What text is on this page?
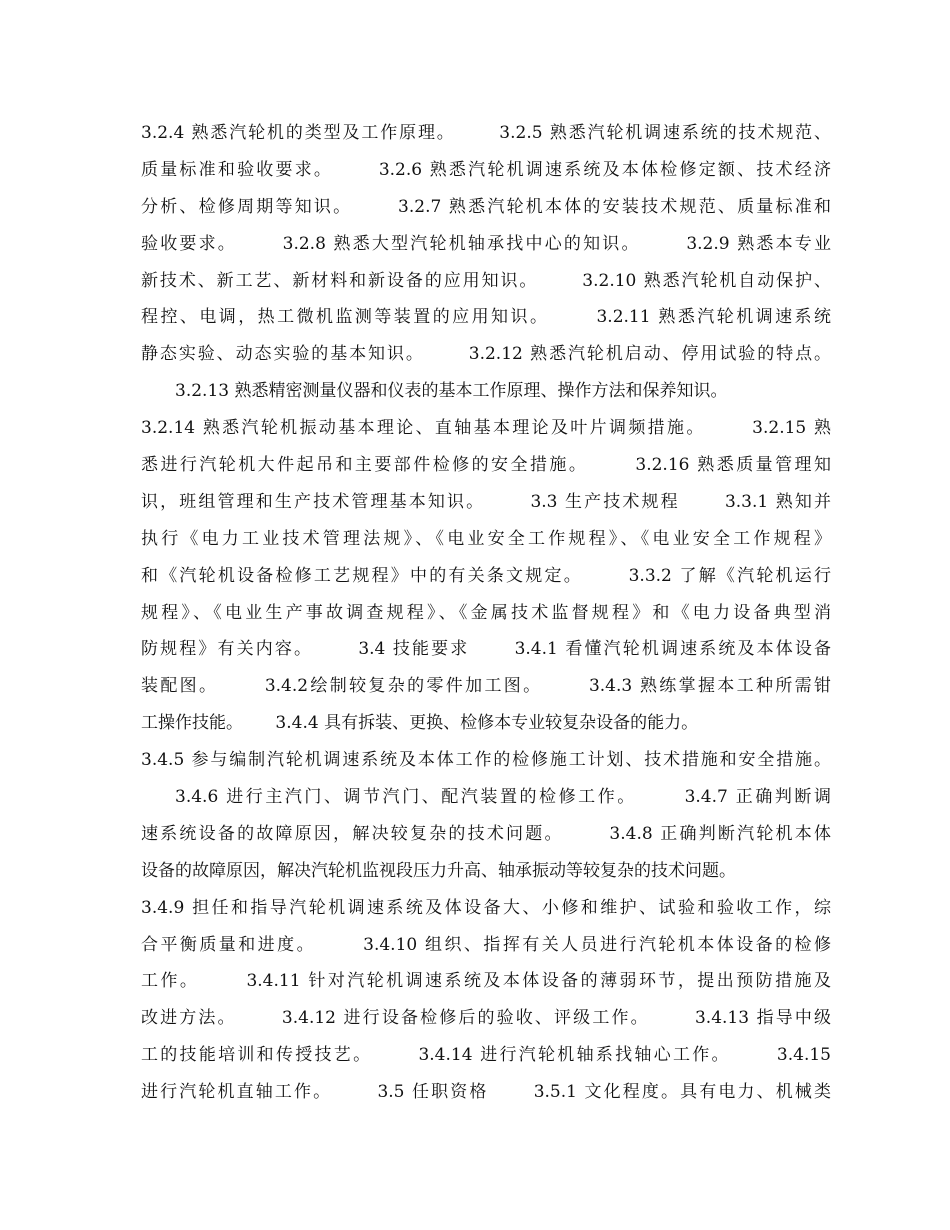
3.2.4 熟悉汽轮机的类型及工作原理。      3.2.5 熟悉汽轮机调速系统的技术规范、
质量标准和验收要求。      3.2.6 熟悉汽轮机调速系统及本体检修定额、技术经济
分析、检修周期等知识。      3.2.7 熟悉汽轮机本体的安装技术规范、质量标准和
验收要求。      3.2.8 熟悉大型汽轮机轴承找中心的知识。      3.2.9 熟悉本专业
新技术、新工艺、新材料和新设备的应用知识。      3.2.10 熟悉汽轮机自动保护、
程控、电调，热工微机监测等装置的应用知识。      3.2.11 熟悉汽轮机调速系统
静态实验、动态实验的基本知识。      3.2.12 熟悉汽轮机启动、停用试验的特点。
3.2.13 熟悉精密测量仪器和仪表的基本工作原理、操作方法和保养知识。
3.2.14 熟悉汽轮机振动基本理论、直轴基本理论及叶片调频措施。      3.2.15 熟
悉进行汽轮机大件起吊和主要部件检修的安全措施。      3.2.16 熟悉质量管理知
识，班组管理和生产技术管理基本知识。      3.3 生产技术规程      3.3.1 熟知并
执行《电力工业技术管理法规》、《电业安全工作规程》、《电业安全工作规程》
和《汽轮机设备检修工艺规程》中的有关条文规定。      3.3.2 了解《汽轮机运行
规程》、《电业生产事故调查规程》、《金属技术监督规程》和《电力设备典型消
防规程》有关内容。      3.4 技能要求      3.4.1 看懂汽轮机调速系统及本体设备
装配图。      3.4.2绘制较复杂的零件加工图。      3.4.3 熟练掌握本工种所需钳
工操作技能。      3.4.4 具有拆装、更换、检修本专业较复杂设备的能力。
3.4.5 参与编制汽轮机调速系统及本体工作的检修施工计划、技术措施和安全措施。
3.4.6 进行主汽门、调节汽门、配汽装置的检修工作。      3.4.7 正确判断调
速系统设备的故障原因，解决较复杂的技术问题。      3.4.8 正确判断汽轮机本体
设备的故障原因，解决汽轮机监视段压力升高、轴承振动等较复杂的技术问题。
3.4.9 担任和指导汽轮机调速系统及体设备大、小修和维护、试验和验收工作，综
合平衡质量和进度。      3.4.10 组织、指挥有关人员进行汽轮机本体设备的检修
工作。      3.4.11 针对汽轮机调速系统及本体设备的薄弱环节，提出预防措施及
改进方法。      3.4.12 进行设备检修后的验收、评级工作。      3.4.13 指导中级
工的技能培训和传授技艺。      3.4.14 进行汽轮机轴系找轴心工作。      3.4.15
进行汽轮机直轴工作。      3.5 任职资格      3.5.1 文化程度。具有电力、机械类
